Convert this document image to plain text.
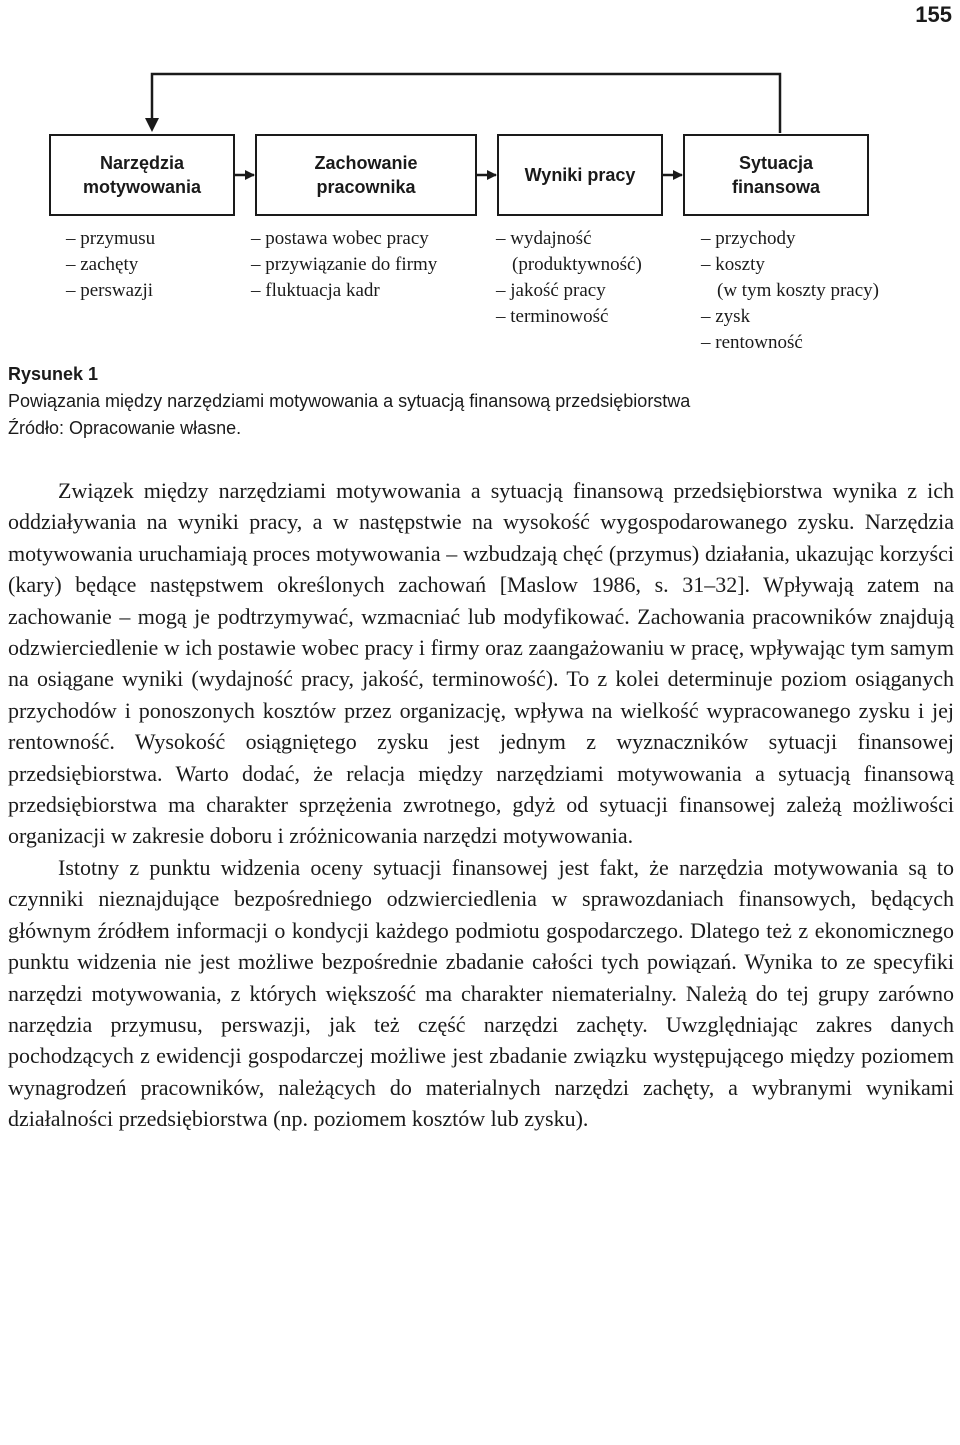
155
Narzędzia
motywowania
Zachowanie
pracownika
Wyniki pracy
Sytuacja
finansowa
– przymusu
– zachęty
– perswazji
– postawa wobec pracy
– przywiązanie do firmy
– fluktuacja kadr
– wydajność
(produktywność)
– jakość pracy
– terminowość
– przychody
– koszty
(w tym koszty pracy)
– zysk
– rentowność
Rysunek 1
Powiązania między narzędziami motywowania a sytuacją finansową przedsiębiorstwa
Źródło: Opracowanie własne.

Związek między narzędziami motywowania a sytuacją finansową przedsiębiorstwa wynika z ich oddziaływania na wyniki pracy, a w następstwie na wysokość wygospodarowanego zysku. Narzędzia motywowania uruchamiają proces motywowania – wzbudzają chęć (przymus) działania, ukazując korzyści (kary) będące następstwem określonych zachowań [Maslow 1986, s. 31–32]. Wpływają zatem na zachowanie – mogą je podtrzymywać, wzmacniać lub modyfikować. Zachowania pracowników znajdują odzwierciedlenie w ich postawie wobec pracy i firmy oraz zaangażowaniu w pracę, wpływając tym samym na osiągane wyniki (wydajność pracy, jakość, terminowość). To z kolei determinuje poziom osiąganych przychodów i ponoszonych kosztów przez organizację, wpływa na wielkość wypracowanego zysku i jej rentowność. Wysokość osiągniętego zysku jest jednym z wyznaczników sytuacji finansowej przedsiębiorstwa. Warto dodać, że relacja między narzędziami motywowania a sytuacją finansową przedsiębiorstwa ma charakter sprzężenia zwrotnego, gdyż od sytuacji finansowej zależą możliwości organizacji w zakresie doboru i zróżnicowania narzędzi motywowania.

Istotny z punktu widzenia oceny sytuacji finansowej jest fakt, że narzędzia motywowania są to czynniki nieznajdujące bezpośredniego odzwierciedlenia w sprawozdaniach finansowych, będących głównym źródłem informacji o kondycji każdego podmiotu gospodarczego. Dlatego też z ekonomicznego punktu widzenia nie jest możliwe bezpośrednie zbadanie całości tych powiązań. Wynika to ze specyfiki narzędzi motywowania, z których większość ma charakter niematerialny. Należą do tej grupy zarówno narzędzia przymusu, perswazji, jak też część narzędzi zachęty. Uwzględniając zakres danych pochodzących z ewidencji gospodarczej możliwe jest zbadanie związku występującego między poziomem wynagrodzeń pracowników, należących do materialnych narzędzi zachęty, a wybranymi wynikami działalności przedsiębiorstwa (np. poziomem kosztów lub zysku).
